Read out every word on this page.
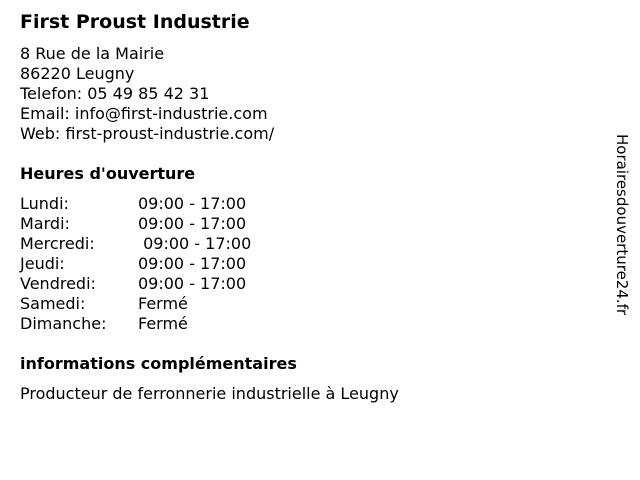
First Proust Industrie
8 Rue de la Mairie
86220 Leugny
Telefon: 05 49 85 42 31
Email: info@first-industrie.com
Web: first-proust-industrie.com/
Heures d'ouverture
Lundi:	09:00 - 17:00
Mardi:	09:00 - 17:00
Mercredi:	09:00 - 17:00
Jeudi:	09:00 - 17:00
Vendredi:	09:00 - 17:00
Samedi:	Fermé
Dimanche:	Fermé
informations complémentaires
Producteur de ferronnerie industrielle à Leugny
Horairesdouverture24.fr
